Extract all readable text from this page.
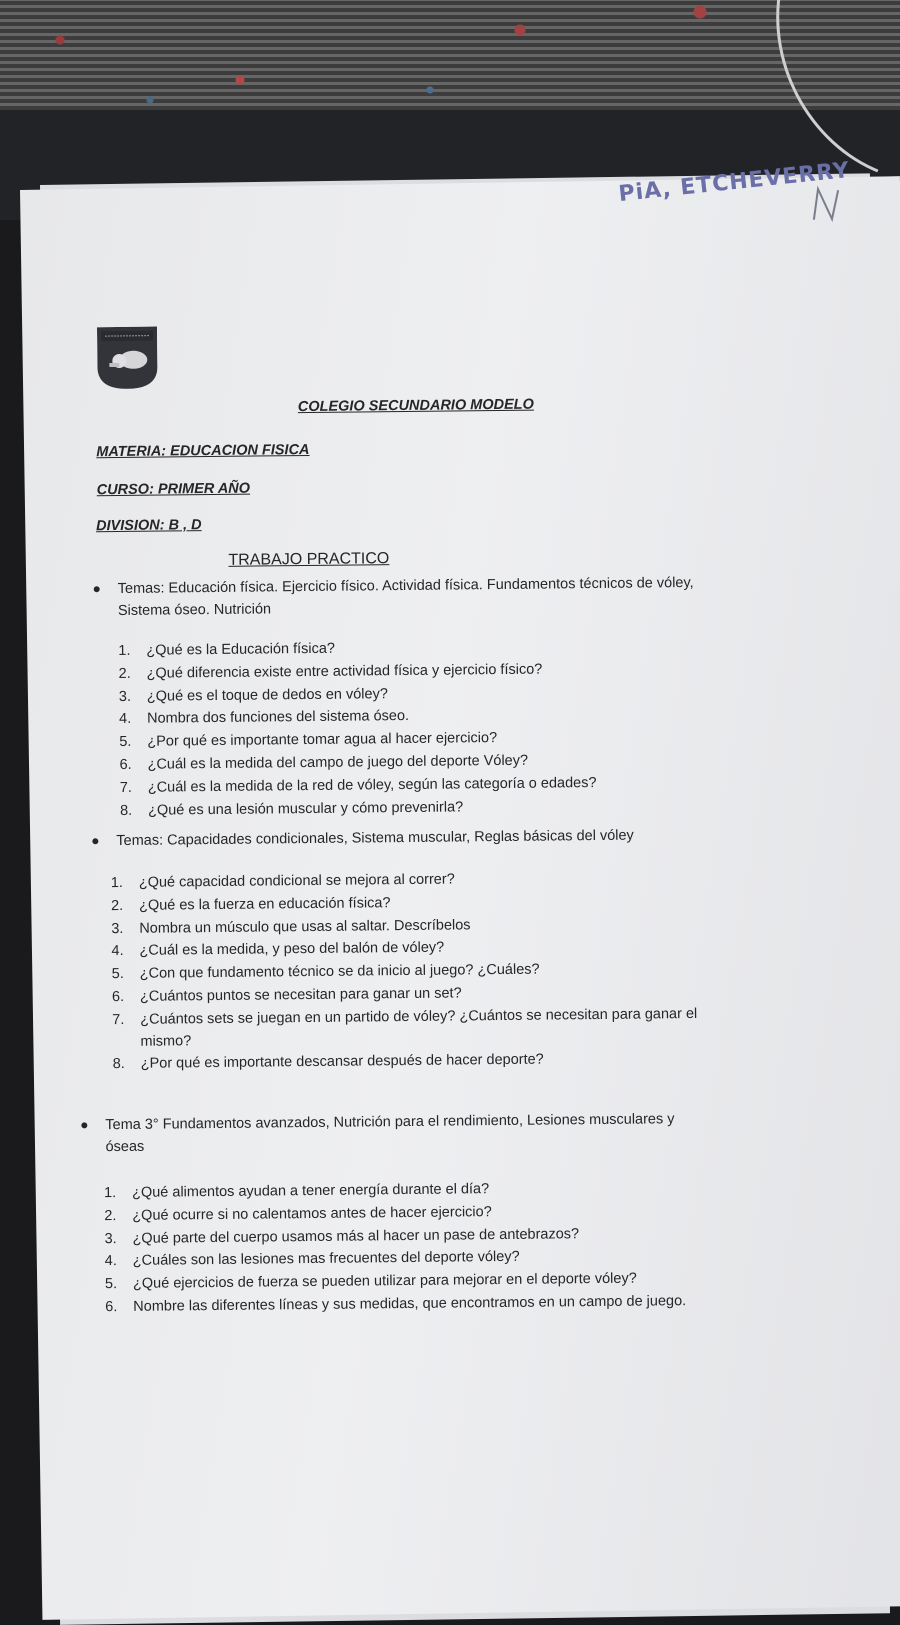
PiA, ETCHEVERRY
COLEGIO SECUNDARIO MODELO
MATERIA: EDUCACION FISICA
CURSO: PRIMER AÑO
DIVISION: B , D
TRABAJO PRACTICO
Temas: Educación física. Ejercicio físico. Actividad física. Fundamentos técnicos de vóley,
Sistema óseo. Nutrición
1. ¿Qué es la Educación física?
2. ¿Qué diferencia existe entre actividad física y ejercicio físico?
3. ¿Qué es el toque de dedos en vóley?
4. Nombra dos funciones del sistema óseo.
5. ¿Por qué es importante tomar agua al hacer ejercicio?
6. ¿Cuál es la medida del campo de juego del deporte Vóley?
7. ¿Cuál es la medida de la red de vóley, según las categoría o edades?
8. ¿Qué es una lesión muscular y cómo prevenirla?
Temas: Capacidades condicionales, Sistema muscular, Reglas básicas del vóley
1. ¿Qué capacidad condicional se mejora al correr?
2. ¿Qué es la fuerza en educación física?
3. Nombra un músculo que usas al saltar. Descríbelos
4. ¿Cuál es la medida, y peso del balón de vóley?
5. ¿Con que fundamento técnico se da inicio al juego? ¿Cuáles?
6. ¿Cuántos puntos se necesitan para ganar un set?
7. ¿Cuántos sets se juegan en un partido de vóley? ¿Cuántos se necesitan para ganar el
mismo?
8. ¿Por qué es importante descansar después de hacer deporte?
Tema 3° Fundamentos avanzados, Nutrición para el rendimiento, Lesiones musculares y
óseas
1. ¿Qué alimentos ayudan a tener energía durante el día?
2. ¿Qué ocurre si no calentamos antes de hacer ejercicio?
3. ¿Qué parte del cuerpo usamos más al hacer un pase de antebrazos?
4. ¿Cuáles son las lesiones mas frecuentes del deporte vóley?
5. ¿Qué ejercicios de fuerza se pueden utilizar para mejorar en el deporte vóley?
6. Nombre las diferentes líneas y sus medidas, que encontramos en un campo de juego.
